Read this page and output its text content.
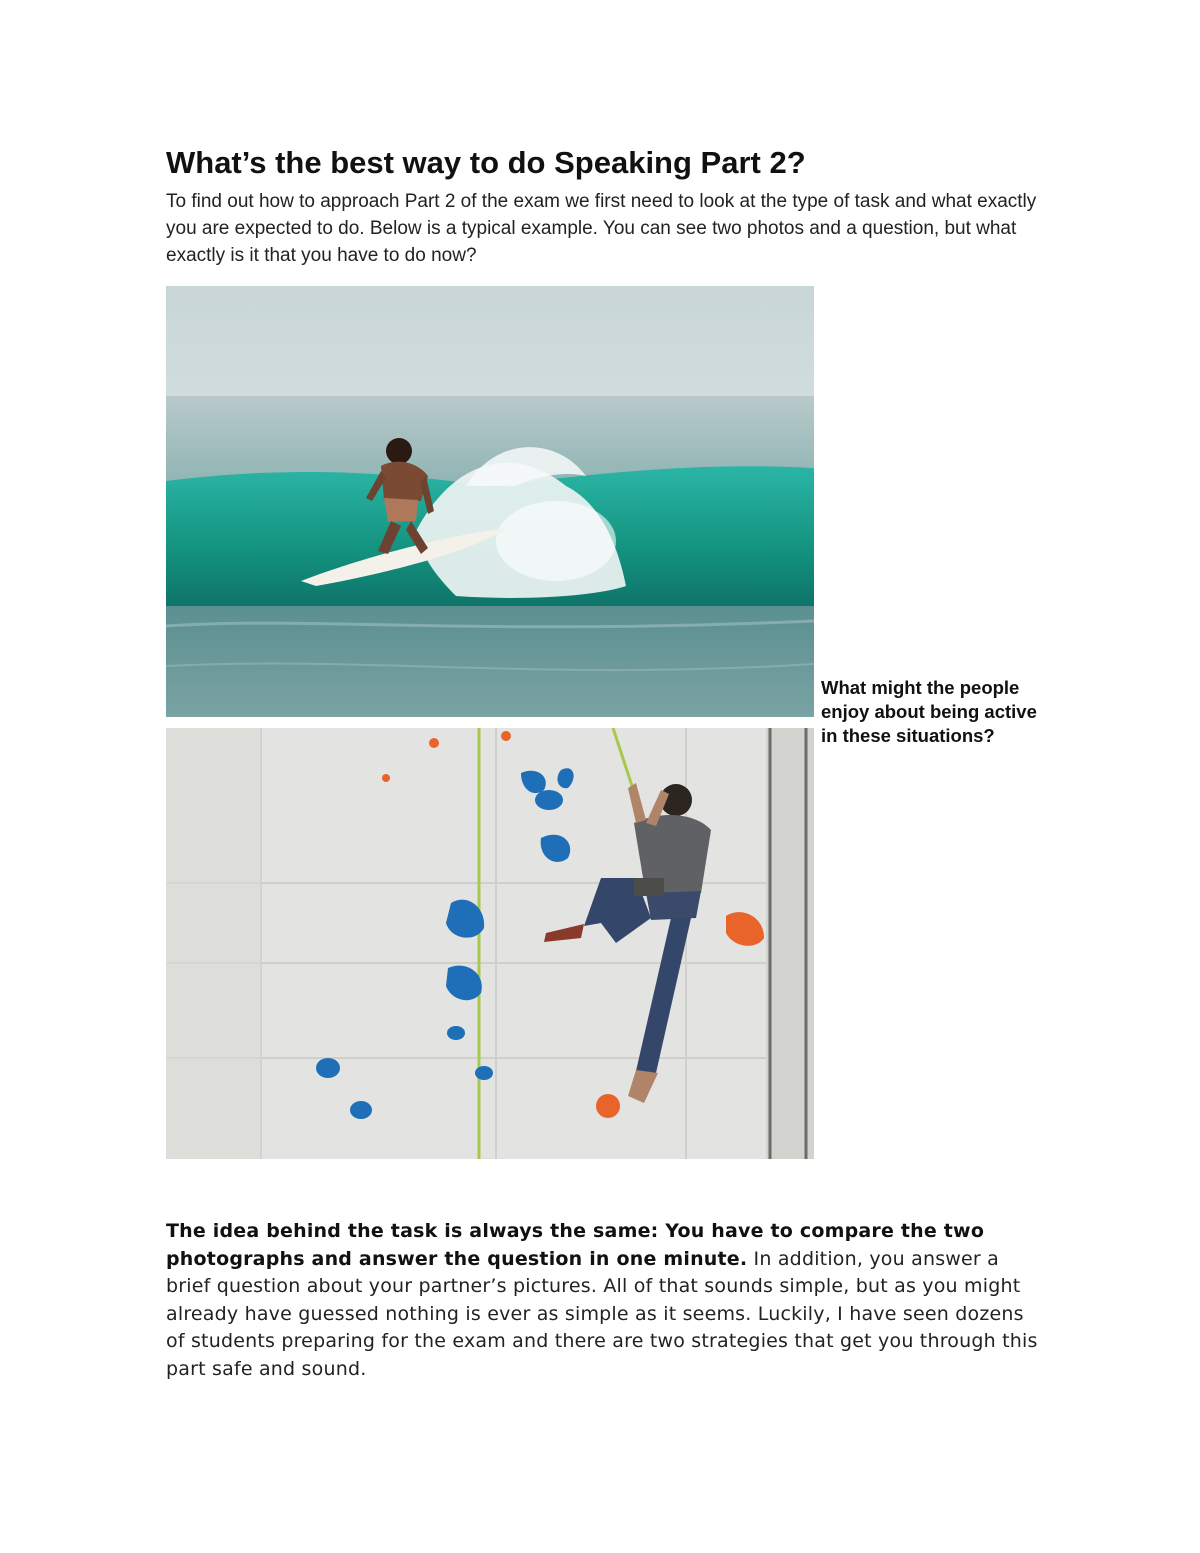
What’s the best way to do Speaking Part 2?

To find out how to approach Part 2 of the exam we first need to look at the type of task and what exactly you are expected to do. Below is a typical example. You can see two photos and a question, but what exactly is it that you have to do now?

What might the people enjoy about being active in these situations?

The idea behind the task is always the same: You have to compare the two photographs and answer the question in one minute. In addition, you answer a brief question about your partner’s pictures. All of that sounds simple, but as you might already have guessed nothing is ever as simple as it seems. Luckily, I have seen dozens of students preparing for the exam and there are two strategies that get you through this part safe and sound.
